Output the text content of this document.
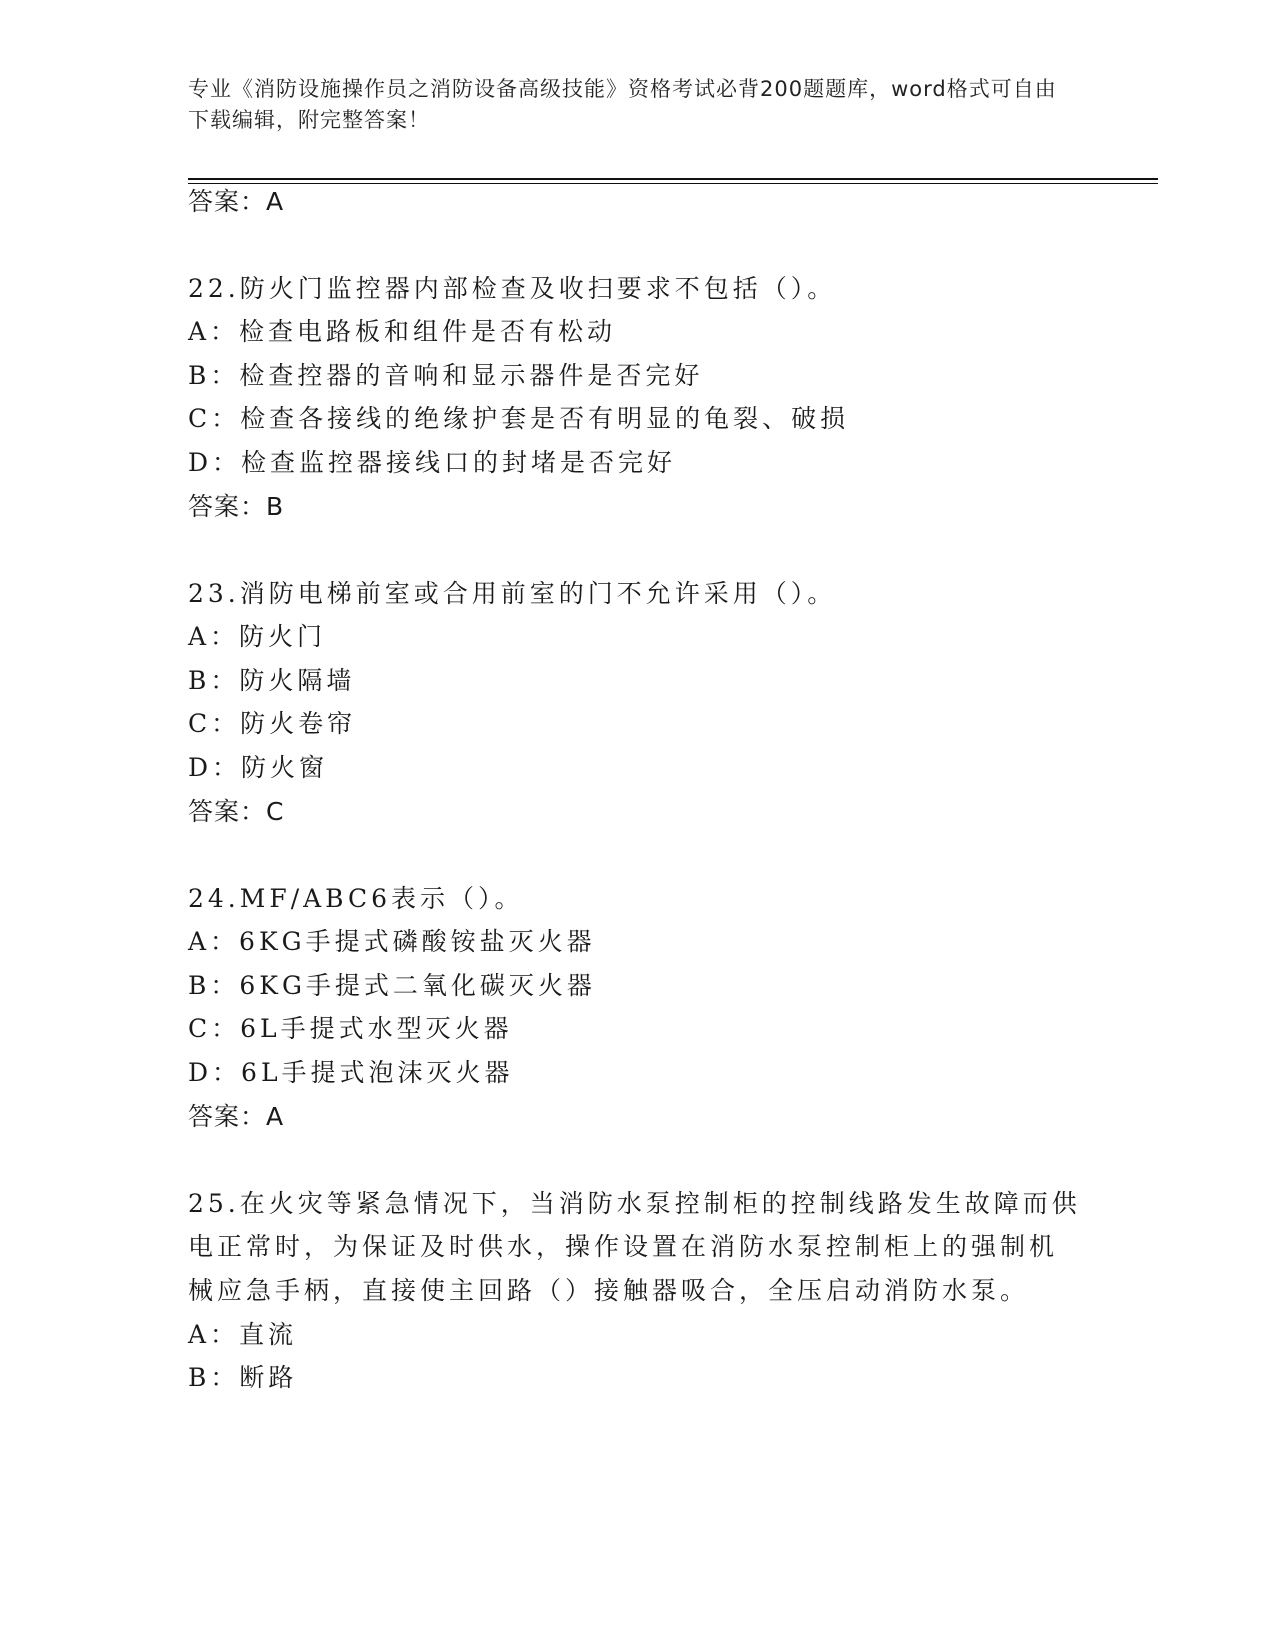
专业《消防设施操作员之消防设备高级技能》资格考试必背200题题库，word格式可自由下载编辑，附完整答案！
答案：A
22.防火门监控器内部检查及收扫要求不包括（）。
A：检查电路板和组件是否有松动
B：检查控器的音响和显示器件是否完好
C：检查各接线的绝缘护套是否有明显的龟裂、破损
D：检查监控器接线口的封堵是否完好
答案：B
23.消防电梯前室或合用前室的门不允许采用（）。
A：防火门
B：防火隔墙
C：防火卷帘
D：防火窗
答案：C
24.MF/ABC6表示（）。
A：6KG手提式磷酸铵盐灭火器
B：6KG手提式二氧化碳灭火器
C：6L手提式水型灭火器
D：6L手提式泡沫灭火器
答案：A
25.在火灾等紧急情况下，当消防水泵控制柜的控制线路发生故障而供
电正常时，为保证及时供水，操作设置在消防水泵控制柜上的强制机
械应急手柄，直接使主回路（）接触器吸合，全压启动消防水泵。
A：直流
B：断路
